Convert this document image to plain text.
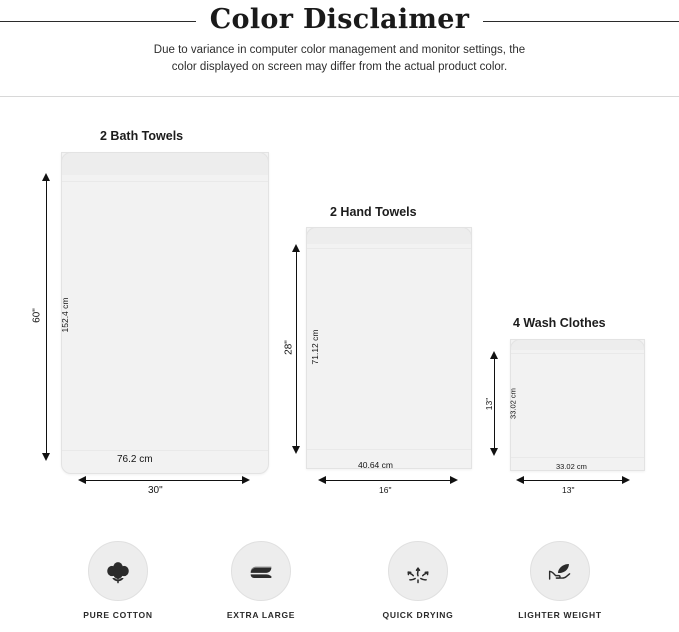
Color Disclaimer
Due to variance in computer color management and monitor settings, the
color displayed on screen may differ from the actual product color.
2 Bath Towels
60" 152.4 cm
76.2 cm
30"
2 Hand Towels
28" 71.12 cm
40.64 cm
16"
4 Wash Clothes
13" 33.02 cm
33.02 cm
13"
PURE COTTON	EXTRA LARGE	QUICK DRYING	LIGHTER WEIGHT
